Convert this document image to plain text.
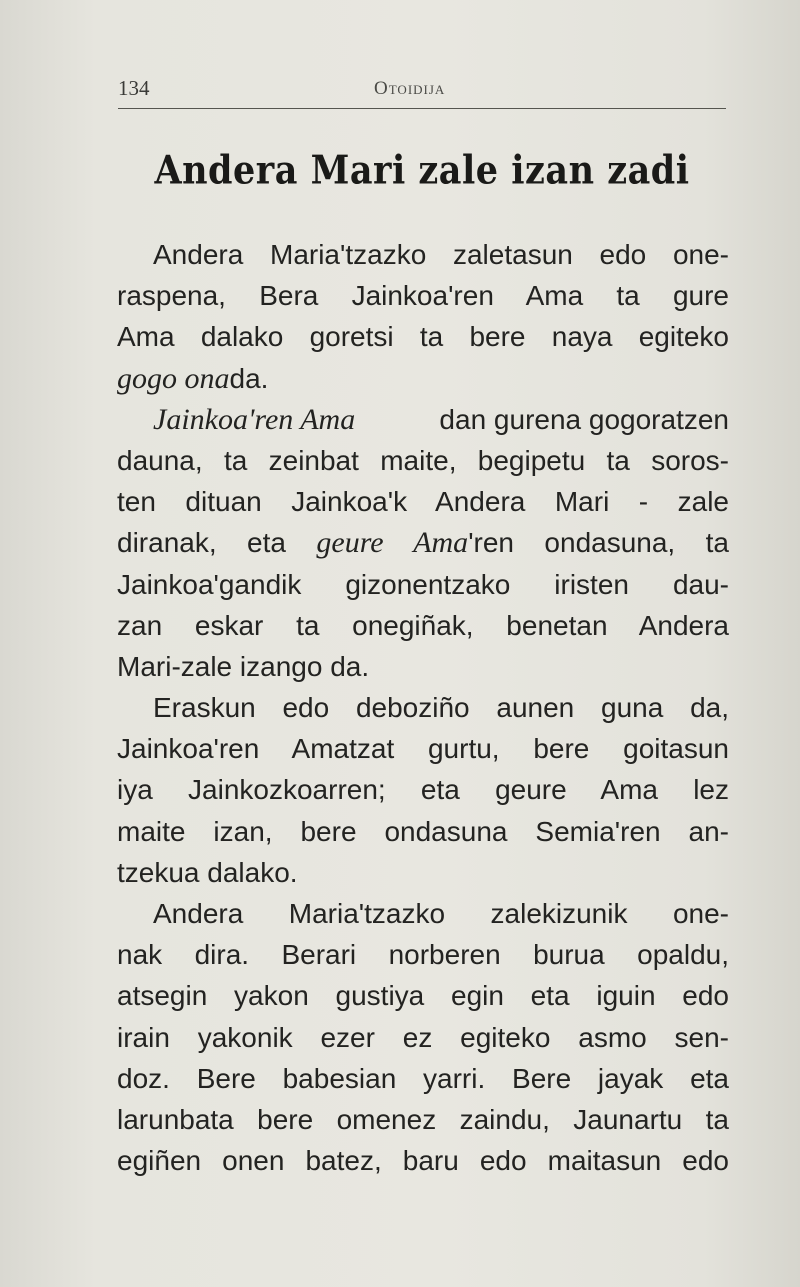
134	Otoidija
Andera Mari zale izan zadi
Andera Maria'tzazko zaletasun edo one-
raspena, Bera Jainkoa'ren Ama ta gure
Ama dalako goretsi ta bere naya egiteko
gogo ona da.
Jainkoa'ren Ama	dan gurena gogoratzen
dauna, ta zeinbat maite, begipetu ta soros-
ten dituan Jainkoa'k Andera Mari - zale
diranak, eta geure Ama'ren ondasuna, ta
Jainkoa'gandik gizonentzako iristen dau-
zan eskar ta onegiñak, benetan Andera
Mari-zale izango da.
Eraskun edo deboziño aunen guna da,
Jainkoa'ren Amatzat gurtu, bere goitasun
iya Jainkozkoarren; eta geure Ama lez
maite izan, bere ondasuna Semia'ren an-
tzekua dalako.
Andera Maria'tzazko zalekizunik one-
nak dira. Berari norberen burua opaldu,
atsegin yakon gustiya egin eta iguin edo
irain yakonik ezer ez egiteko asmo sen-
doz. Bere babesian yarri. Bere jayak eta
larunbata bere omenez zaindu, Jaunartu ta
egiñen onen batez, baru edo maitasun edo
